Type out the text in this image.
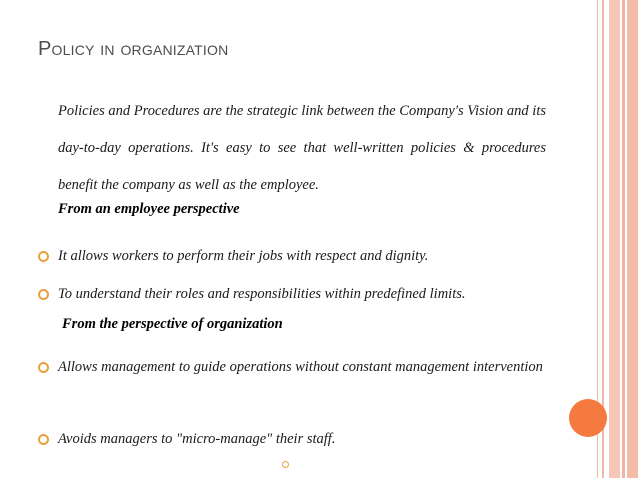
Policy in organization
Policies and Procedures are the strategic link between the Company's Vision and its day-to-day operations. It's easy to see that well-written policies & procedures benefit the company as well as the employee.
From an employee perspective
It allows workers to perform their jobs with respect and dignity.
To understand their roles and responsibilities within predefined limits.
From the perspective of organization
Allows management to guide operations without constant management intervention
Avoids managers to "micro-manage" their staff.
